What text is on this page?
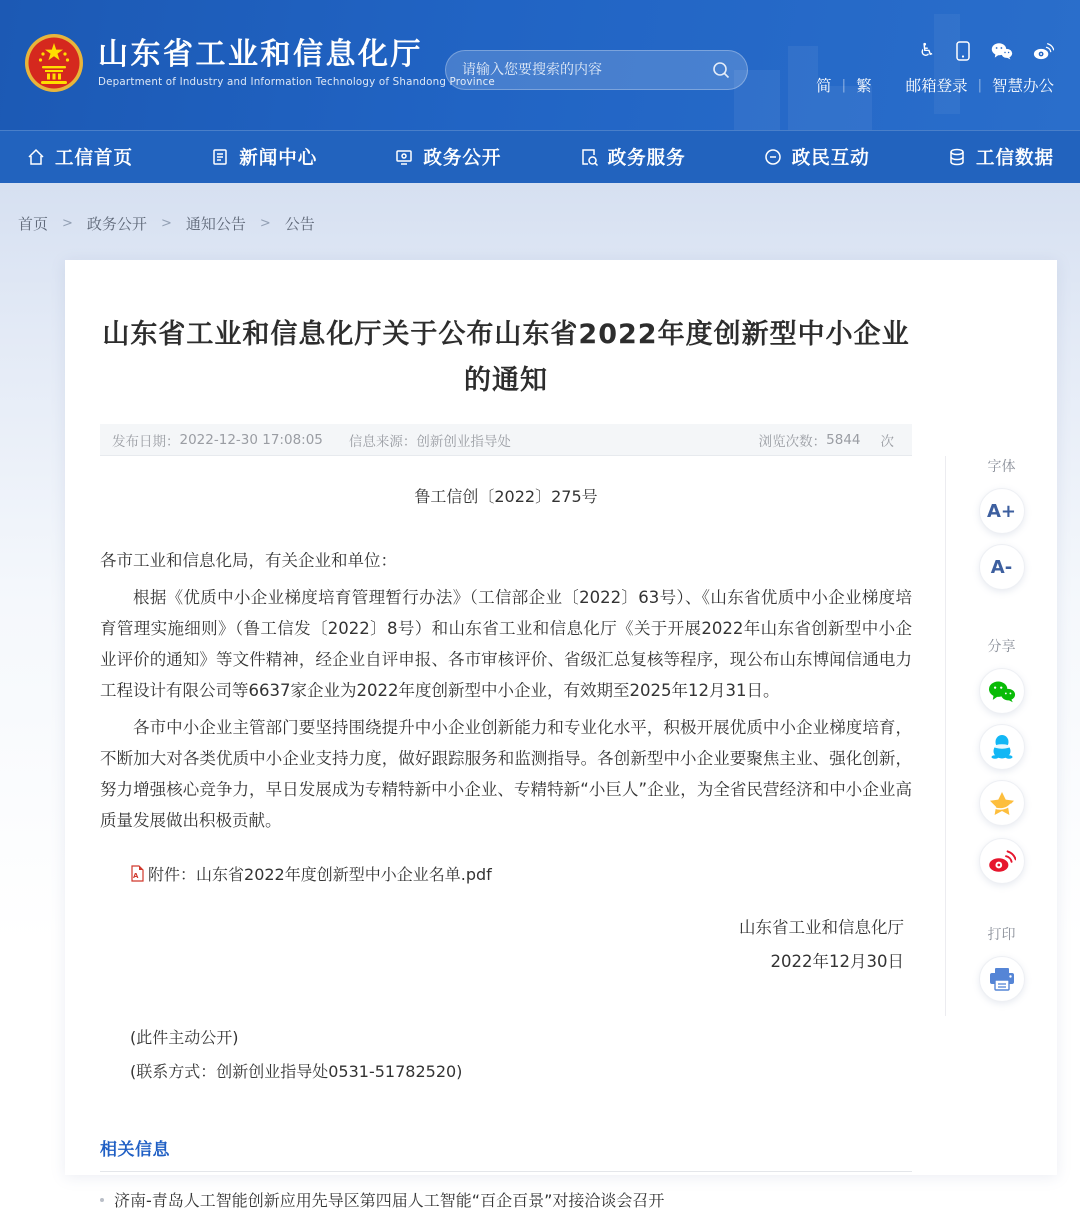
山东省工业和信息化厅
Department of Industry and Information Technology of Shandong Province
请输入您要搜索的内容
♿
简 | 繁 邮箱登录 | 智慧办公
工信首页	新闻中心	政务公开	政务服务	政民互动	工信数据
首页 > 政务公开 > 通知公告 > 公告
山东省工业和信息化厅关于公布山东省2022年度创新型中小企业的通知
发布日期： 2022-12-30 17:08:05 信息来源： 创新创业指导处	浏览次数： 5844 次
鲁工信创〔2022〕275号

各市工业和信息化局，有关企业和单位：

根据《优质中小企业梯度培育管理暂行办法》（工信部企业〔2022〕63号）、《山东省优质中小企业梯度培育管理实施细则》（鲁工信发〔2022〕8号）和山东省工业和信息化厅《关于开展2022年山东省创新型中小企业评价的通知》等文件精神，经企业自评申报、各市审核评价、省级汇总复核等程序，现公布山东博闻信通电力工程设计有限公司等6637家企业为2022年度创新型中小企业，有效期至2025年12月31日。

各市中小企业主管部门要坚持围绕提升中小企业创新能力和专业化水平，积极开展优质中小企业梯度培育，不断加大对各类优质中小企业支持力度，做好跟踪服务和监测指导。各创新型中小企业要聚焦主业、强化创新，努力增强核心竞争力，早日发展成为专精特新中小企业、专精特新“小巨人”企业，为全省民营经济和中小企业高质量发展做出积极贡献。

A 附件： 山东省2022年度创新型中小企业名单.pdf
山东省工业和信息化厅
2022年12月30日
(此件主动公开)
(联系方式：创新创业指导处0531-51782520)
相关信息
济南-青岛人工智能创新应用先导区第四届人工智能“百企百景”对接洽谈会召开
字体
A+
A-
分享
打印
